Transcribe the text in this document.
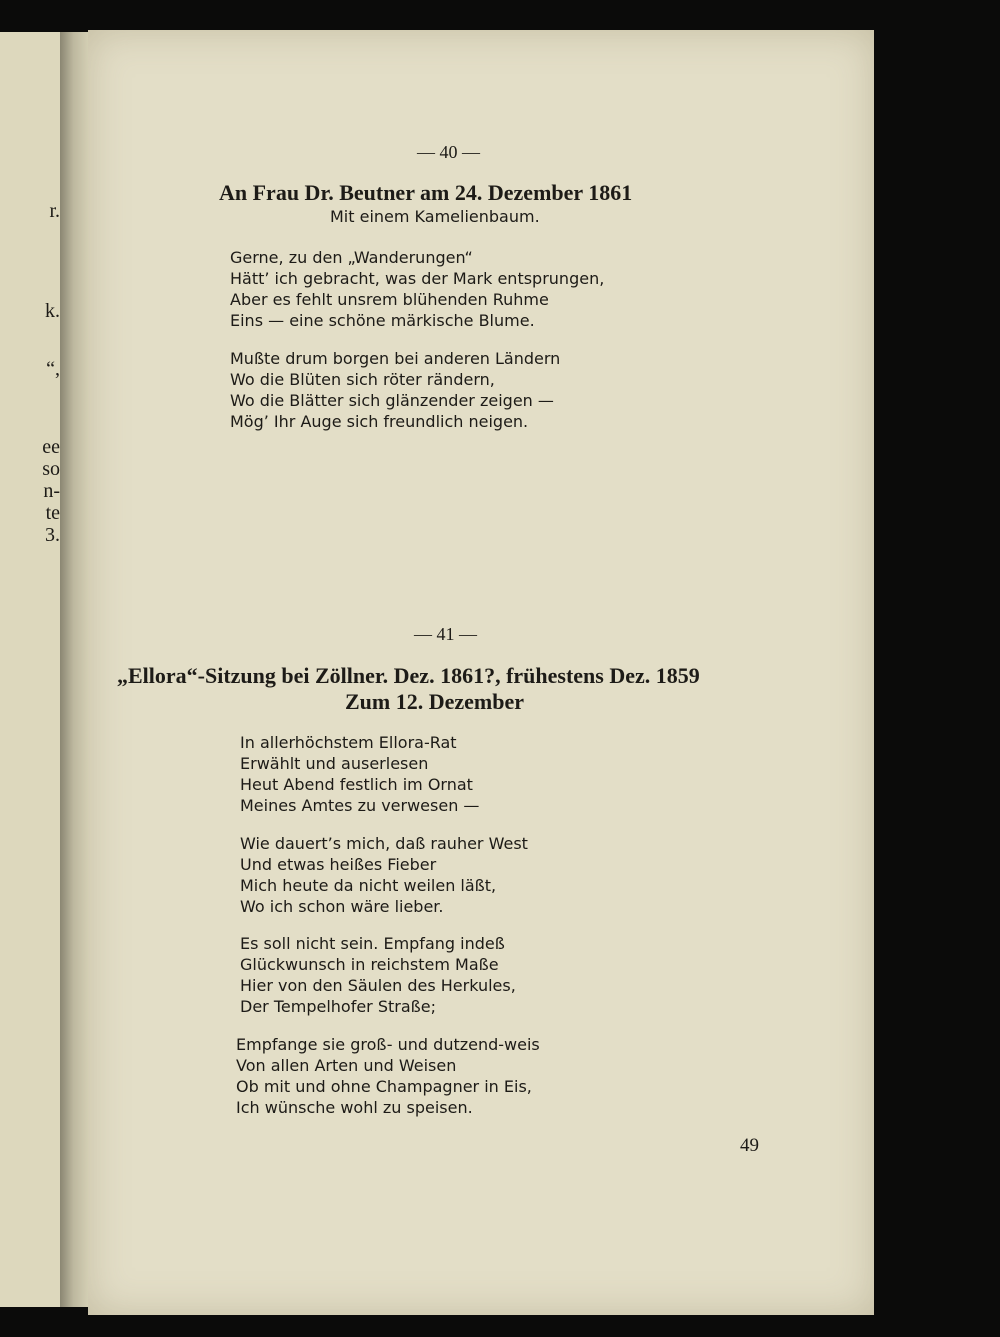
r.
k.
“,
ee
so
n-
te
3.
— 40 —
An Frau Dr. Beutner am 24. Dezember 1861
Mit einem Kamelienbaum.
Gerne, zu den „Wanderungen“
Hätt’ ich gebracht, was der Mark entsprungen,
Aber es fehlt unsrem blühenden Ruhme
Eins — eine schöne märkische Blume.
Mußte drum borgen bei anderen Ländern
Wo die Blüten sich röter rändern,
Wo die Blätter sich glänzender zeigen —
Mög’ Ihr Auge sich freundlich neigen.
— 41 —
„Ellora“-Sitzung bei Zöllner. Dez. 1861?, frühestens Dez. 1859
Zum 12. Dezember
In allerhöchstem Ellora-Rat
Erwählt und auserlesen
Heut Abend festlich im Ornat
Meines Amtes zu verwesen —
Wie dauert’s mich, daß rauher West
Und etwas heißes Fieber
Mich heute da nicht weilen läßt,
Wo ich schon wäre lieber.
Es soll nicht sein. Empfang indeß
Glückwunsch in reichstem Maße
Hier von den Säulen des Herkules,
Der Tempelhofer Straße;
Empfange sie groß- und dutzend-weis
Von allen Arten und Weisen
Ob mit und ohne Champagner in Eis,
Ich wünsche wohl zu speisen.
49
